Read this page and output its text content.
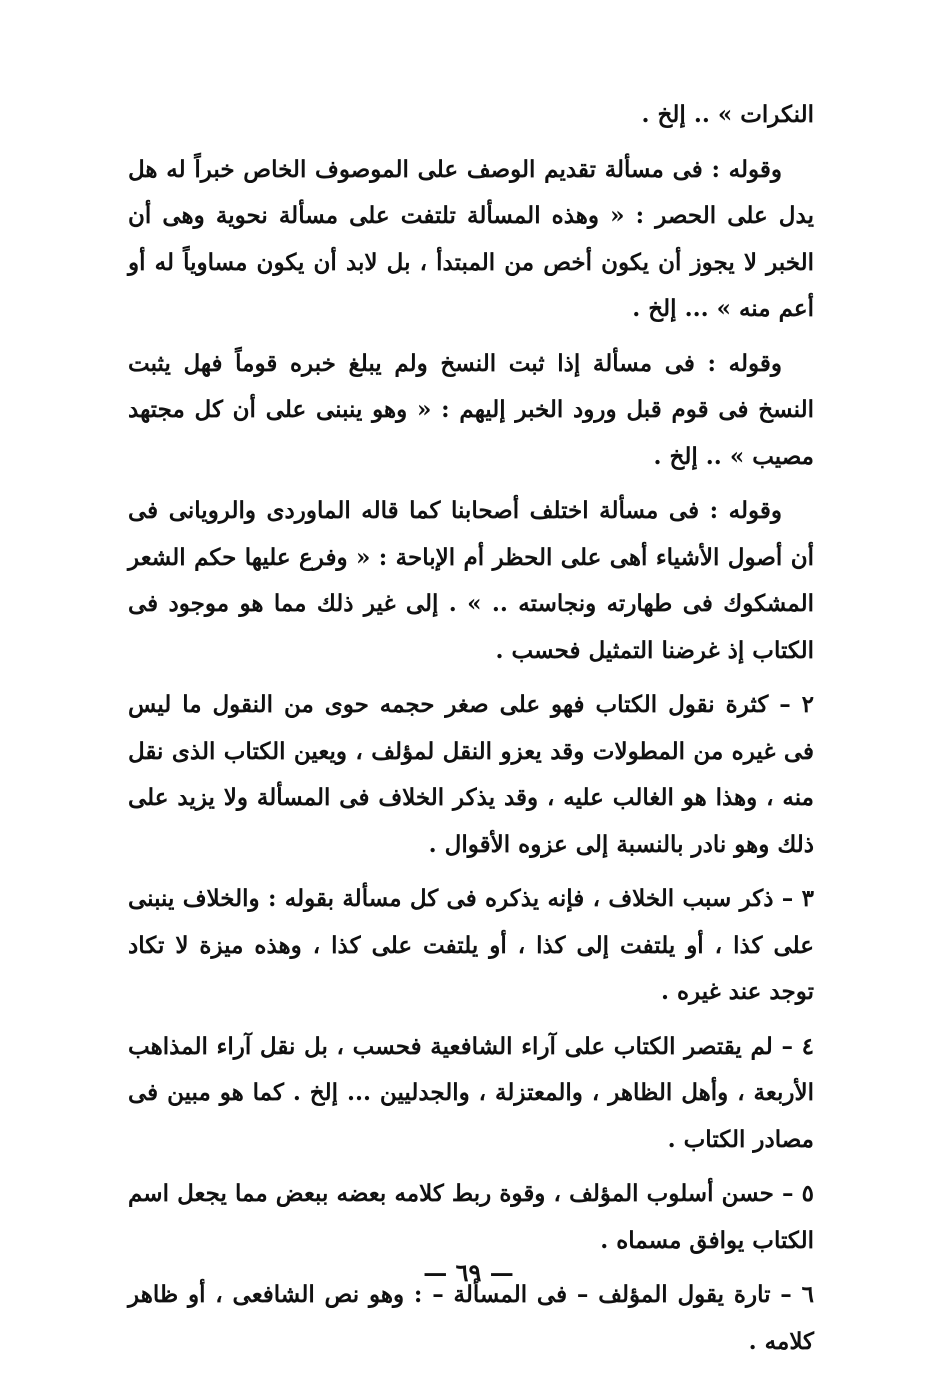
النكرات » .. إلخ .

وقوله : فى مسألة تقديم الوصف على الموصوف الخاص خبراً له هل يدل على الحصر : « وهذه المسألة تلتفت على مسألة نحوية وهى أن الخبر لا يجوز أن يكون أخص من المبتدأ ، بل لابد أن يكون مساوياً له أو أعم منه » ... إلخ .

وقوله : فى مسألة إذا ثبت النسخ ولم يبلغ خبره قوماً فهل يثبت النسخ فى قوم قبل ورود الخبر إليهم : « وهو ينبنى على أن كل مجتهد مصيب » .. إلخ .

وقوله : فى مسألة اختلف أصحابنا كما قاله الماوردى والرويانى فى أن أصول الأشياء أهى على الحظر أم الإباحة : « وفرع عليها حكم الشعر المشكوك فى طهارته ونجاسته .. » . إلى غير ذلك مما هو موجود فى الكتاب إذ غرضنا التمثيل فحسب .

٢ – كثرة نقول الكتاب فهو على صغر حجمه حوى من النقول ما ليس فى غيره من المطولات وقد يعزو النقل لمؤلف ، ويعين الكتاب الذى نقل منه ، وهذا هو الغالب عليه ، وقد يذكر الخلاف فى المسألة ولا يزيد على ذلك وهو نادر بالنسبة إلى عزوه الأقوال .

٣ – ذكر سبب الخلاف ، فإنه يذكره فى كل مسألة بقوله : والخلاف ينبنى على كذا ، أو يلتفت إلى كذا ، أو يلتفت على كذا ، وهذه ميزة لا تكاد توجد عند غيره .

٤ – لم يقتصر الكتاب على آراء الشافعية فحسب ، بل نقل آراء المذاهب الأربعة ، وأهل الظاهر ، والمعتزلة ، والجدليين ... إلخ . كما هو مبين فى مصادر الكتاب .

٥ – حسن أسلوب المؤلف ، وقوة ربط كلامه بعضه ببعض مما يجعل اسم الكتاب يوافق مسماه .

٦ – تارة يقول المؤلف – فى المسألة – : وهو نص الشافعى ، أو ظاهر كلامه .

— ٦٩ —
